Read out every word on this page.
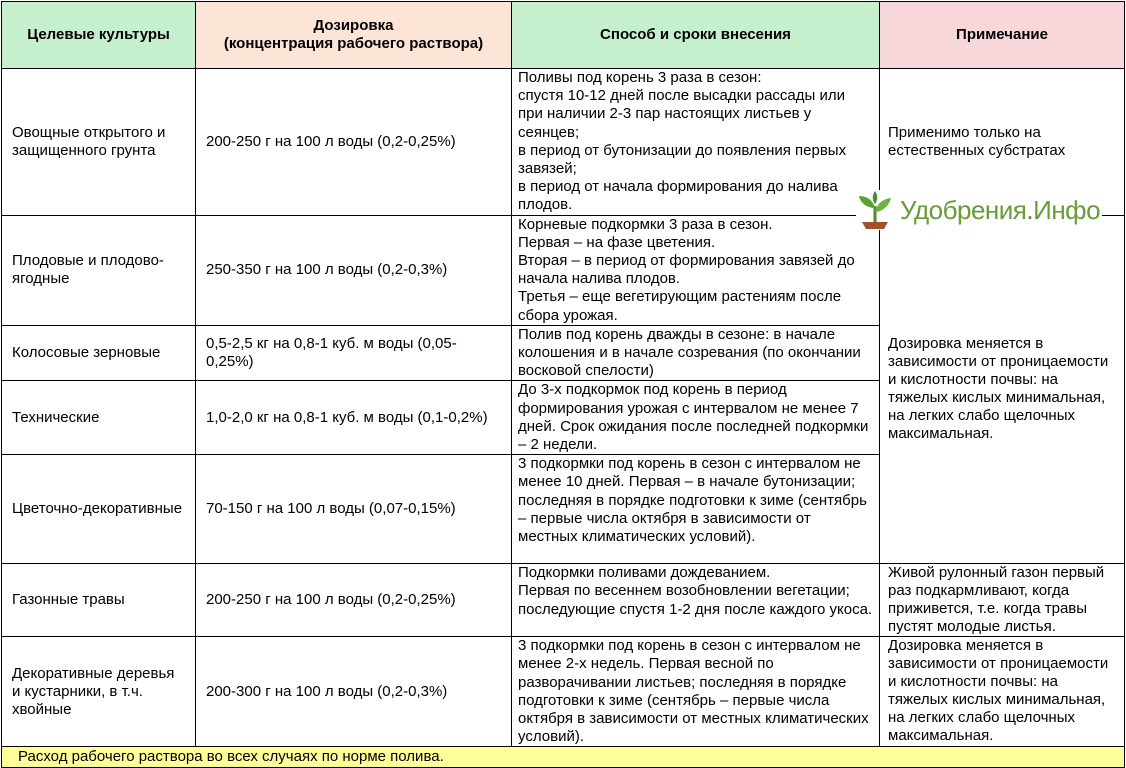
Целевые культуры	Дозировка
(концентрация рабочего раствора)	Способ и сроки внесения	Примечание
Овощные открытого и защищенного грунта	200-250 г на 100 л воды (0,2-0,25%)	Поливы под корень 3 раза в сезон:
спустя 10-12 дней после высадки рассады или при наличии 2-3 пар настоящих листьев у сеянцев;
в период от бутонизации до появления первых завязей;
в период от начала формирования до налива плодов.	Применимо только на естественных субстратах
Плодовые и плодово-ягодные	250-350 г на 100 л воды (0,2-0,3%)	Корневые подкормки 3 раза в сезон.
Первая – на фазе цветения.
Вторая – в период от формирования завязей до начала налива плодов.
Третья – еще вегетирующим растениям после сбора урожая.	Дозировка меняется в зависимости от проницаемости и кислотности почвы: на тяжелых кислых минимальная, на легких слабо щелочных максимальная.
Колосовые зерновые	0,5-2,5 кг на 0,8-1 куб. м воды (0,05-0,25%)	Полив под корень дважды в сезоне: в начале колошения и в начале созревания (по окончании восковой спелости)	

Технические	1,0-2,0 кг на 0,8-1 куб. м воды (0,1-0,2%)	До 3-х подкормок под корень в период формирования урожая с интервалом не менее 7 дней. Срок ожидания после последней подкормки – 2 недели.	

Цветочно-декоративные	70-150 г на 100 л воды (0,07-0,15%)	3 подкормки под корень в сезон с интервалом не менее 10 дней. Первая – в начале бутонизации; последняя в порядке подготовки к зиме (сентябрь – первые числа октября в зависимости от местных климатических условий).	

Газонные травы	200-250 г на 100 л воды (0,2-0,25%)	Подкормки поливами дождеванием.
Первая по весеннем возобновлении вегетации; последующие спустя 1-2 дня после каждого укоса.	Живой рулонный газон первый раз подкармливают, когда приживется, т.е. когда травы пустят молодые листья.
Декоративные деревья и кустарники, в т.ч. хвойные	200-300 г на 100 л воды (0,2-0,3%)	3 подкормки под корень в сезон с интервалом не менее 2-х недель. Первая весной по разворачивании листьев; последняя в порядке подготовки к зиме (сентябрь – первые числа октября в зависимости от местных климатических условий).	Дозировка меняется в зависимости от проницаемости и кислотности почвы: на тяжелых кислых минимальная, на легких слабо щелочных максимальная.
Расход рабочего раствора во всех случаях по норме полива.			
Удобрения.Инфо
